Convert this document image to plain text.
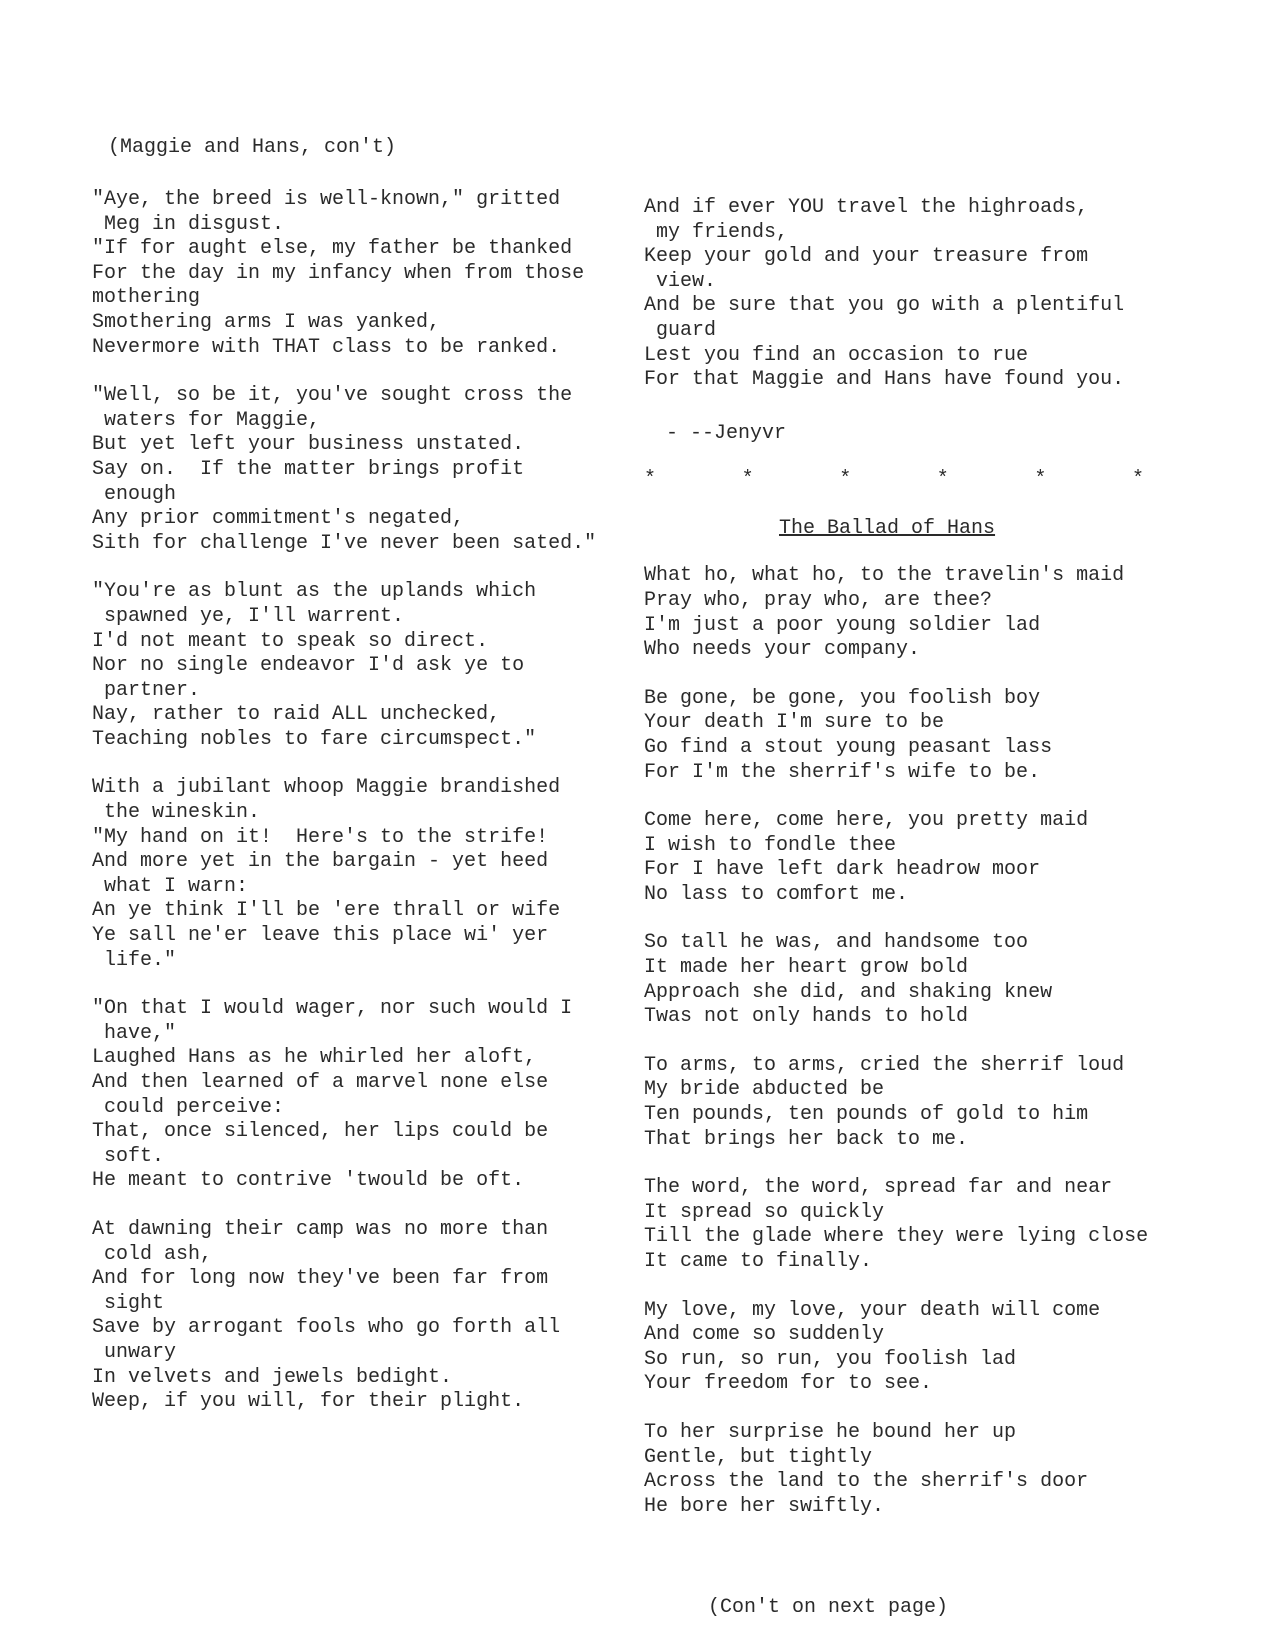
(Maggie and Hans, con't)
"Aye, the breed is well-known," gritted
Meg in disgust.
"If for aught else, my father be thanked
For the day in my infancy when from those
mothering
Smothering arms I was yanked,
Nevermore with THAT class to be ranked.
"Well, so be it, you've sought cross the
waters for Maggie,
But yet left your business unstated.
Say on.  If the matter brings profit
enough
Any prior commitment's negated,
Sith for challenge I've never been sated."
"You're as blunt as the uplands which
spawned ye, I'll warrent.
I'd not meant to speak so direct.
Nor no single endeavor I'd ask ye to
partner.
Nay, rather to raid ALL unchecked,
Teaching nobles to fare circumspect."
With a jubilant whoop Maggie brandished
the wineskin.
"My hand on it!  Here's to the strife!
And more yet in the bargain - yet heed
what I warn:
An ye think I'll be 'ere thrall or wife
Ye sall ne'er leave this place wi' yer
life."
"On that I would wager, nor such would I
have,"
Laughed Hans as he whirled her aloft,
And then learned of a marvel none else
could perceive:
That, once silenced, her lips could be
soft.
He meant to contrive 'twould be oft.
At dawning their camp was no more than
cold ash,
And for long now they've been far from
sight
Save by arrogant fools who go forth all
unwary
In velvets and jewels bedight.
Weep, if you will, for their plight.
And if ever YOU travel the highroads,
my friends,
Keep your gold and your treasure from
view.
And be sure that you go with a plentiful
guard
Lest you find an occasion to rue
For that Maggie and Hans have found you.
- --Jenyvr
*	*	*	*	*	*
The Ballad of Hans
What ho, what ho, to the travelin's maid
Pray who, pray who, are thee?
I'm just a poor young soldier lad
Who needs your company.
Be gone, be gone, you foolish boy
Your death I'm sure to be
Go find a stout young peasant lass
For I'm the sherrif's wife to be.
Come here, come here, you pretty maid
I wish to fondle thee
For I have left dark headrow moor
No lass to comfort me.
So tall he was, and handsome too
It made her heart grow bold
Approach she did, and shaking knew
Twas not only hands to hold
To arms, to arms, cried the sherrif loud
My bride abducted be
Ten pounds, ten pounds of gold to him
That brings her back to me.
The word, the word, spread far and near
It spread so quickly
Till the glade where they were lying close
It came to finally.
My love, my love, your death will come
And come so suddenly
So run, so run, you foolish lad
Your freedom for to see.
To her surprise he bound her up
Gentle, but tightly
Across the land to the sherrif's door
He bore her swiftly.
(Con't on next page)
